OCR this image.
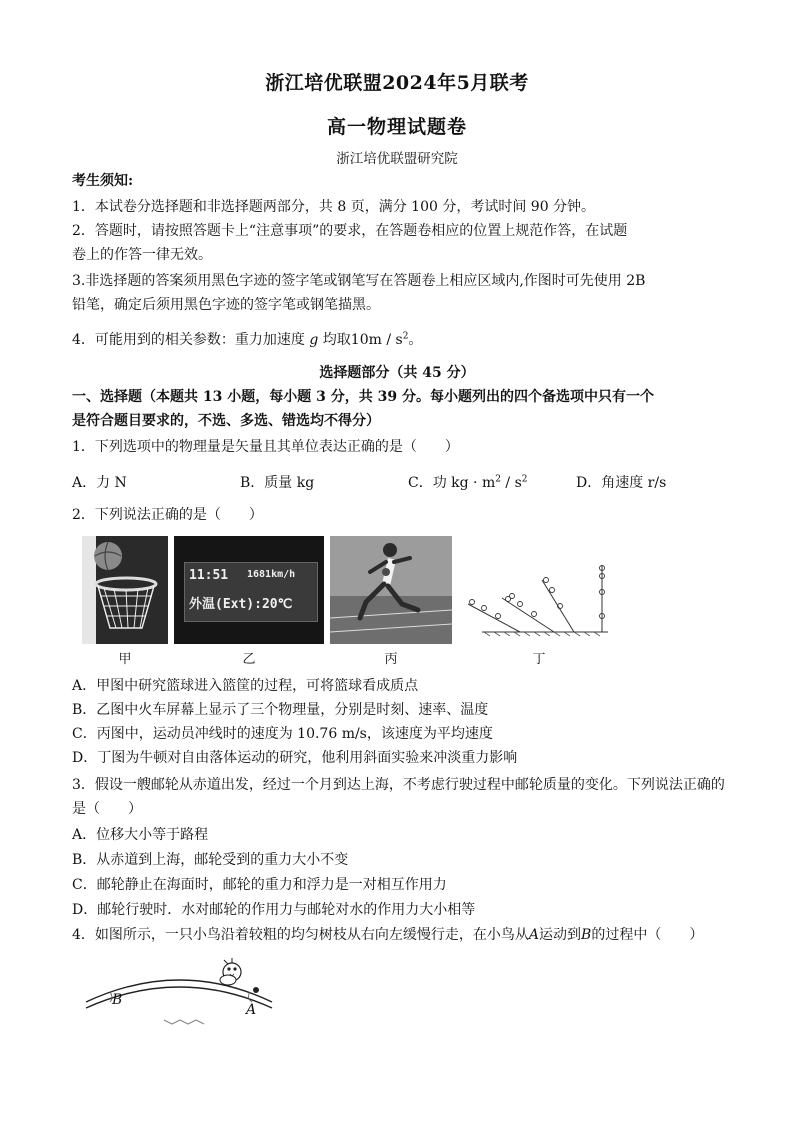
浙江培优联盟2024年5月联考
高一物理试题卷
浙江培优联盟研究院
考生须知:
1．本试卷分选择题和非选择题两部分，共 8 页，满分 100 分，考试时间 90 分钟。
2．答题时，请按照答题卡上“注意事项”的要求，在答题卷相应的位置上规范作答，在试题
卷上的作答一律无效。
3.非选择题的答案须用黑色字迹的签字笔或钢笔写在答题卷上相应区域内,作图时可先使用 2B
铅笔，确定后须用黑色字迹的签字笔或钢笔描黑。
4．可能用到的相关参数：重力加速度 g 均取$10m / s^2$。
选择题部分（共 45 分）
一、选择题（本题共 13 小题，每小题 3 分，共 39 分。每小题列出的四个备选项中只有一个
是符合题目要求的，不选、多选、错选均不得分）
1．下列选项中的物理量是矢量且其单位表达正确的是（　　）
A．力 N	B．质量 kg	C．功 kg · $m^2 / s^2$	D．角速度 r/s
2．下列说法正确的是（　　）
11:51 1681km/h
外温(Ext):20℃
甲	乙	丙	丁
A．甲图中研究篮球进入篮筐的过程，可将篮球看成质点
B．乙图中火车屏幕上显示了三个物理量，分别是时刻、速率、温度
C．丙图中，运动员冲线时的速度为 10.76 m/s，该速度为平均速度
D．丁图为牛顿对自由落体运动的研究，他利用斜面实验来冲淡重力影响
3．假设一艘邮轮从赤道出发，经过一个月到达上海，不考虑行驶过程中邮轮质量的变化。下列说法正确的
是（　　）
A．位移大小等于路程
B．从赤道到上海，邮轮受到的重力大小不变
C．邮轮静止在海面时，邮轮的重力和浮力是一对相互作用力
D．邮轮行驶时．水对邮轮的作用力与邮轮对水的作用力大小相等
4．如图所示，一只小鸟沿着较粗的均匀树枝从右向左缓慢行走，在小鸟从A运动到B的过程中（　　）
B
A
